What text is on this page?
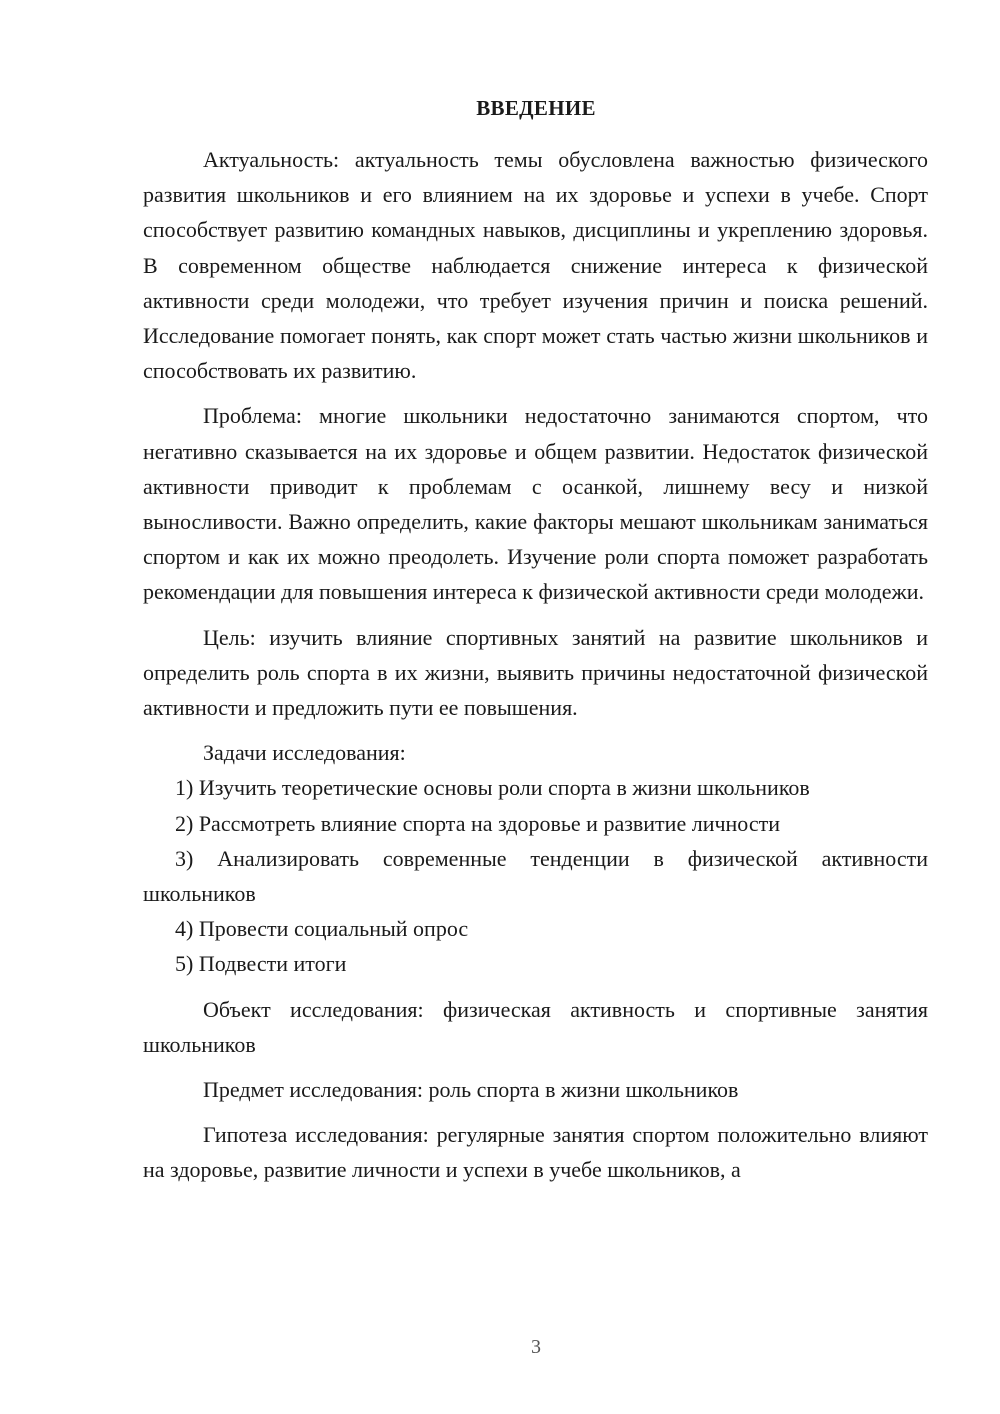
ВВЕДЕНИЕ

Актуальность: актуальность темы обусловлена важностью физического развития школьников и его влиянием на их здоровье и успехи в учебе. Спорт способствует развитию командных навыков, дисциплины и укреплению здоровья. В современном обществе наблюдается снижение интереса к физической активности среди молодежи, что требует изучения причин и поиска решений. Исследование помогает понять, как спорт может стать частью жизни школьников и способствовать их развитию.

Проблема: многие школьники недостаточно занимаются спортом, что негативно сказывается на их здоровье и общем развитии. Недостаток физической активности приводит к проблемам с осанкой, лишнему весу и низкой выносливости. Важно определить, какие факторы мешают школьникам заниматься спортом и как их можно преодолеть. Изучение роли спорта поможет разработать рекомендации для повышения интереса к физической активности среди молодежи.

Цель: изучить влияние спортивных занятий на развитие школьников и определить роль спорта в их жизни, выявить причины недостаточной физической активности и предложить пути ее повышения.

Задачи исследования:

1) Изучить теоретические основы роли спорта в жизни школьников

2) Рассмотреть влияние спорта на здоровье и развитие личности

3) Анализировать современные тенденции в физической активности школьников

4) Провести социальный опрос

5) Подвести итоги

Объект исследования: физическая активность и спортивные занятия школьников

Предмет исследования: роль спорта в жизни школьников

Гипотеза исследования: регулярные занятия спортом положительно влияют на здоровье, развитие личности и успехи в учебе школьников, а

3
